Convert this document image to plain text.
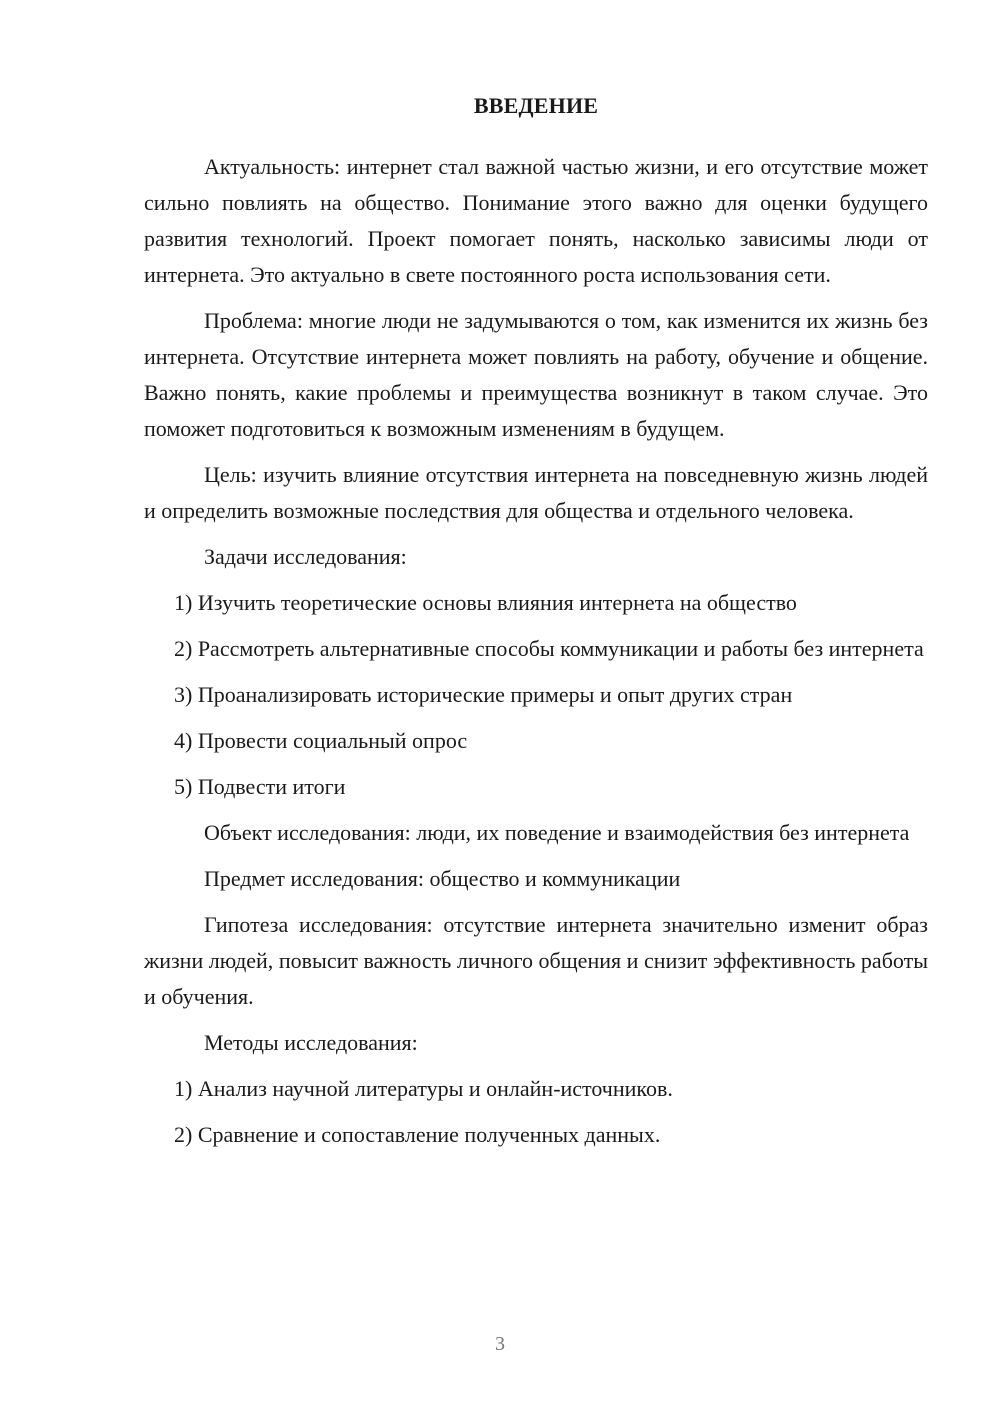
ВВЕДЕНИЕ

Актуальность: интернет стал важной частью жизни, и его отсутствие может сильно повлиять на общество. Понимание этого важно для оценки будущего развития технологий. Проект помогает понять, насколько зависимы люди от интернета. Это актуально в свете постоянного роста использования сети.

Проблема: многие люди не задумываются о том, как изменится их жизнь без интернета. Отсутствие интернета может повлиять на работу, обучение и общение. Важно понять, какие проблемы и преимущества возникнут в таком случае. Это поможет подготовиться к возможным изменениям в будущем.

Цель: изучить влияние отсутствия интернета на повседневную жизнь людей и определить возможные последствия для общества и отдельного человека.

Задачи исследования:

1) Изучить теоретические основы влияния интернета на общество

2) Рассмотреть альтернативные способы коммуникации и работы без интернета

3) Проанализировать исторические примеры и опыт других стран

4) Провести социальный опрос

5) Подвести итоги

Объект исследования: люди, их поведение и взаимодействия без интернета

Предмет исследования: общество и коммуникации

Гипотеза исследования: отсутствие интернета значительно изменит образ жизни людей, повысит важность личного общения и снизит эффективность работы и обучения.

Методы исследования:

1) Анализ научной литературы и онлайн-источников.

2) Сравнение и сопоставление полученных данных.

3
